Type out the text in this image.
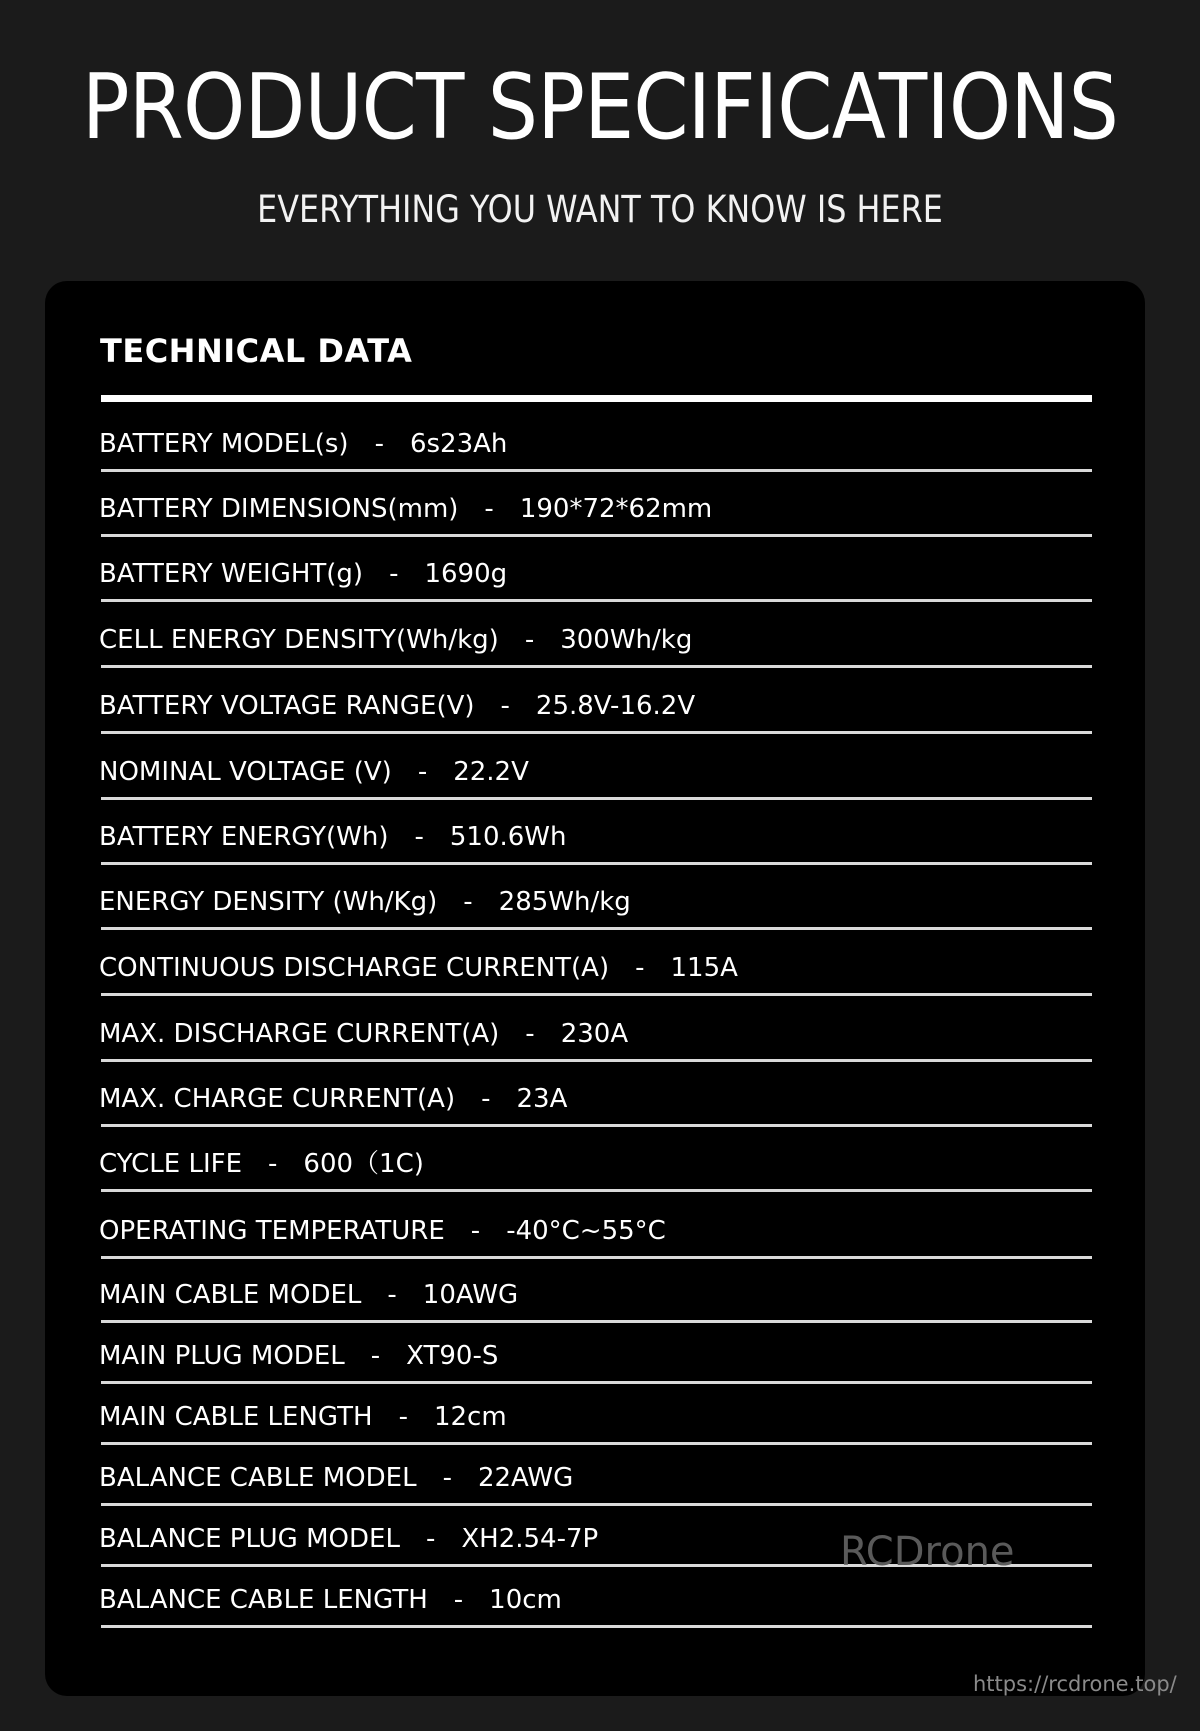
PRODUCT SPECIFICATIONS

EVERYTHING YOU WANT TO KNOW IS HERE

TECHNICAL DATA
BATTERY MODEL(s) - 6s23Ah
BATTERY DIMENSIONS(mm) - 190*72*62mm
BATTERY WEIGHT(g) - 1690g
CELL ENERGY DENSITY(Wh/kg) - 300Wh/kg
BATTERY VOLTAGE RANGE(V) - 25.8V-16.2V
NOMINAL VOLTAGE (V) - 22.2V
BATTERY ENERGY(Wh) - 510.6Wh
ENERGY DENSITY (Wh/Kg) - 285Wh/kg
CONTINUOUS DISCHARGE CURRENT(A) - 115A
MAX. DISCHARGE CURRENT(A) - 230A
MAX. CHARGE CURRENT(A) - 23A
CYCLE LIFE - 600（1C)
OPERATING TEMPERATURE - -40°C~55°C
MAIN CABLE MODEL - 10AWG
MAIN PLUG MODEL - XT90-S
MAIN CABLE LENGTH - 12cm
BALANCE CABLE MODEL - 22AWG
BALANCE PLUG MODEL - XH2.54-7P
BALANCE CABLE LENGTH - 10cm
RCDrone
https://rcdrone.top/
